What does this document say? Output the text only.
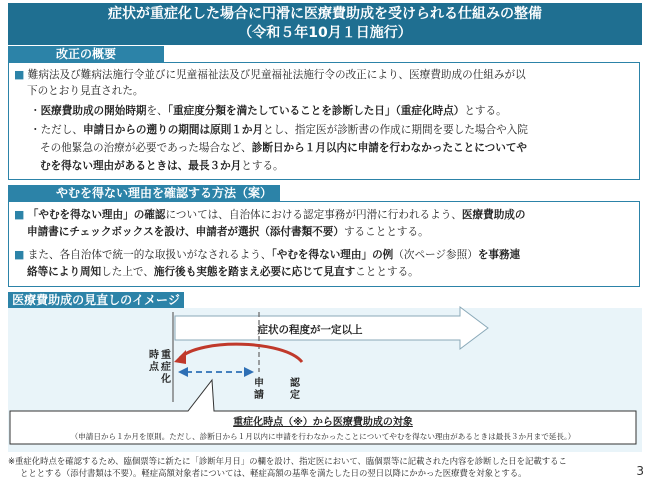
症状が重症化した場合に円滑に医療費助成を受けられる仕組みの整備
（令和５年10月１日施行）
改正の概要
■ 難病法及び難病法施行令並びに児童福祉法及び児童福祉法施行令の改正により、医療費助成の仕組みが以
下のとおり見直された。
・医療費助成の開始時期を、「重症度分類を満たしていることを診断した日」（重症化時点）とする。
・ただし、申請日からの遡りの期間は原則１か月とし、指定医が診断書の作成に期間を要した場合や入院
その他緊急の治療が必要であった場合など、診断日から１月以内に申請を行わなかったことについてや
むを得ない理由があるときは、最長３か月とする。
やむを得ない理由を確認する方法（案）
■ 「やむを得ない理由」の確認については、自治体における認定事務が円滑に行われるよう、医療費助成の
申請書にチェックボックスを設け、申請者が選択（添付書類不要）することとする。
■ また、各自治体で統一的な取扱いがなされるよう、「やむを得ない理由」の例（次ページ参照）を事務連
絡等により周知した上で、施行後も実態を踏まえ必要に応じて見直すこととする。
医療費助成の見直しのイメージ
症状の程度が一定以上
時点
重症化	申請
認定
重症化時点（※）から医療費助成の対象
（申請日から１か月を原則。ただし、診断日から１月以内に申請を行わなかったことについてやむを得ない理由があるときは最長３か月まで延長。）
※重症化時点を確認するため、臨個票等に新たに「診断年月日」の欄を設け、指定医において、臨個票等に記載された内容を診断した日を記載するこ
とととする（添付書類は不要）。軽症高額対象者については、軽症高額の基準を満たした日の翌日以降にかかった医療費を対象とする。	3
